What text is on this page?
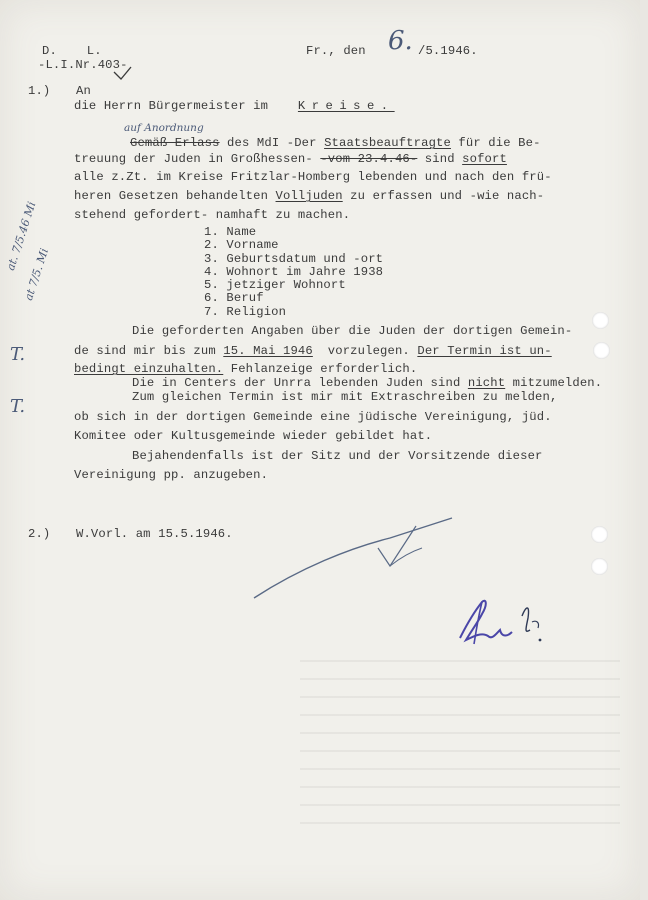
D.    L.
-L.I.Nr.403-
Fr., den 6. /5.1946.
1.) An
die Herrn Bürgermeister im Kreise.
auf Anordnung
Gemäß Erlass des MdI -Der Staatsbeauftragte für die Be-
treuung der Juden in Großhessen- -vom 23.4.46- sind sofort
alle z.Zt. im Kreise Fritzlar-Homberg lebenden und nach den frü-
heren Gesetzen behandelten Volljuden zu erfassen und -wie nach-
stehend gefordert- namhaft zu machen.
1. Name
2. Vorname
3. Geburtsdatum und -ort
4. Wohnort im Jahre 1938
5. jetziger Wohnort
6. Beruf
7. Religion
Die geforderten Angaben über die Juden der dortigen Gemein-
de sind mir bis zum 15. Mai 1946  vorzulegen. Der Termin ist un-
bedingt einzuhalten. Fehlanzeige erforderlich.
Die in Centers der Unrra lebenden Juden sind nicht mitzumelden.
Zum gleichen Termin ist mir mit Extraschreiben zu melden,
ob sich in der dortigen Gemeinde eine jüdische Vereinigung, jüd.
Komitee oder Kultusgemeinde wieder gebildet hat.
Bejahendenfalls ist der Sitz und der Vorsitzende dieser
Vereinigung pp. anzugeben.
2.) W.Vorl. am 15.5.1946.
at. 7/5.46 Mi
at 7/5. Mi
T.
T.
